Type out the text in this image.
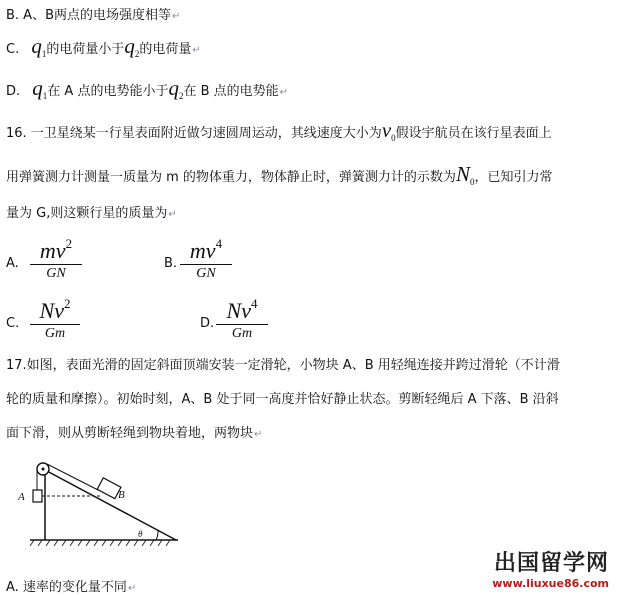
B. A、B两点的电场强度相等↵
C. $q_1$的电荷量小于$q_2$的电荷量↵
D. $q_1$在 A 点的电势能小于$q_2$在 B 点的电势能↵
16. 一卫星绕某一行星表面附近做匀速圆周运动，其线速度大小为$v_0$假设宇航员在该行星表面上
用弹簧测力计测量一质量为 m 的物体重力，物体静止时，弹簧测力计的示数为$N_0$，已知引力常
量为 G,则这颗行星的质量为↵
A.
$mv^2$
GN
B.
$mv^4$
GN
C.
Nv$^2$
Gm
D.
Nv$^4$
Gm
17.如图，表面光滑的固定斜面顶端安装一定滑轮，小物块 A、B 用轻绳连接并跨过滑轮（不计滑
轮的质量和摩擦）。初始时刻，A、B 处于同一高度并恰好静止状态。剪断轻绳后 A 下落、B 沿斜
面下滑，则从剪断轻绳到物块着地，两物块↵
A	B
θ
A. 速率的变化量不同↵
出国留学网
www.liuxue86.com
